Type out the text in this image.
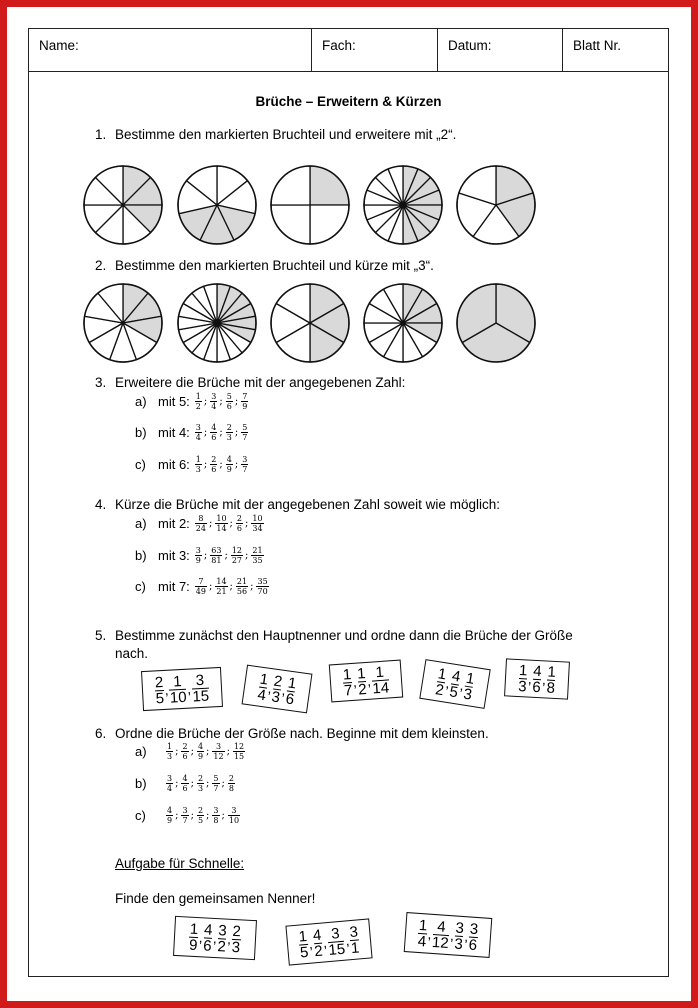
Name:	Fach:	Datum:	Blatt Nr.
Brüche – Erweitern & Kürzen
1. Bestimme den markierten Bruchteil und erweitere mit „2“.
2. Bestimme den markierten Bruchteil und kürze mit „3“.
3. Erweitere die Brüche mit der angegebenen Zahl:
a) mit 5: $\frac{1}{2}$ ; $\frac{3}{4}$ ; $\frac{5}{6}$ ; $\frac{7}{9}$
b) mit 4: $\frac{3}{4}$ ; $\frac{4}{6}$ ; $\frac{2}{3}$ ; $\frac{5}{7}$
c) mit 6: $\frac{1}{3}$ ; $\frac{2}{6}$ ; $\frac{4}{9}$ ; $\frac{3}{7}$
4. Kürze die Brüche mit der angegebenen Zahl soweit wie möglich:
a) mit 2: $\frac{8}{24}$ ; $\frac{10}{14}$ ; $\frac{2}{6}$ ; $\frac{10}{34}$
b) mit 3: $\frac{3}{9}$ ; $\frac{63}{81}$ ; $\frac{12}{27}$ ; $\frac{21}{35}$
c) mit 7: $\frac{7}{49}$ ; $\frac{14}{21}$ ; $\frac{21}{56}$ ; $\frac{35}{70}$
5. Bestimme zunächst den Hauptnenner und ordne dann die Brüche der Größe
nach.
$\frac{2}{5}$ , $\frac{1}{10}$ , $\frac{3}{15}$	$\frac{1}{4}$
,
$\frac{2}{3}$
,
$\frac{1}{6}$	$\frac{1}{7}$ , $\frac{1}{2}$ , $\frac{1}{14}$	$\frac{1}{2}$
,
$\frac{4}{5}$
,
$\frac{1}{3}$	$\frac{1}{3}$ , $\frac{4}{6}$ , $\frac{1}{8}$
6. Ordne die Brüche der Größe nach. Beginne mit dem kleinsten.
a)	$\frac{1}{3}$ ; $\frac{2}{6}$ ; $\frac{4}{9}$ ; $\frac{3}{12}$ ; $\frac{12}{15}$
b)	$\frac{3}{4}$ ; $\frac{4}{6}$ ; $\frac{2}{3}$ ; $\frac{5}{7}$ ; $\frac{2}{8}$
c)	$\frac{4}{9}$ ; $\frac{3}{7}$ ; $\frac{2}{5}$ ; $\frac{3}{8}$ ; $\frac{3}{10}$
Aufgabe für Schnelle:
Finde den gemeinsamen Nenner!
$\frac{1}{9}$ , $\frac{4}{6}$ , $\frac{3}{2}$ , $\frac{2}{3}$	$\frac{1}{5}$
,
$\frac{4}{2}$
,
$\frac{3}{15}$
,
$\frac{3}{1}$	$\frac{1}{4}$ , $\frac{4}{12}$ , $\frac{3}{3}$ , $\frac{3}{6}$
